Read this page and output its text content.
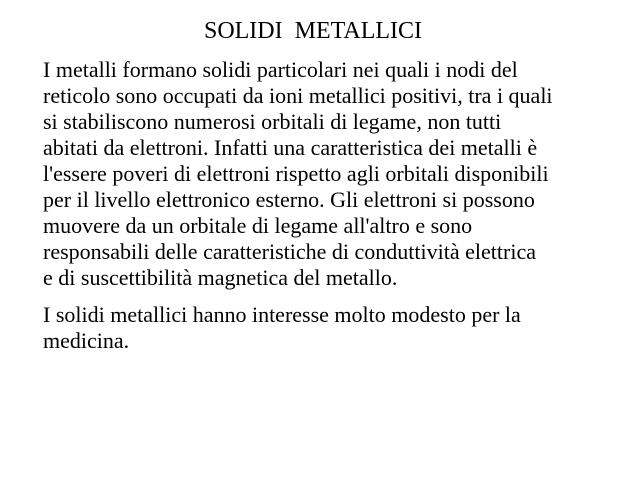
SOLIDI  METALLICI

I metalli formano solidi particolari nei quali i nodi del
reticolo sono occupati da ioni metallici positivi, tra i quali
si stabiliscono numerosi orbitali di legame, non tutti
abitati da elettroni. Infatti una caratteristica dei metalli è
l'essere poveri di elettroni rispetto agli orbitali disponibili
per il livello elettronico esterno. Gli elettroni si possono
muovere da un orbitale di legame all'altro e sono
responsabili delle caratteristiche di conduttività elettrica
e di suscettibilità magnetica del metallo.

I solidi metallici hanno interesse molto modesto per la
medicina.
